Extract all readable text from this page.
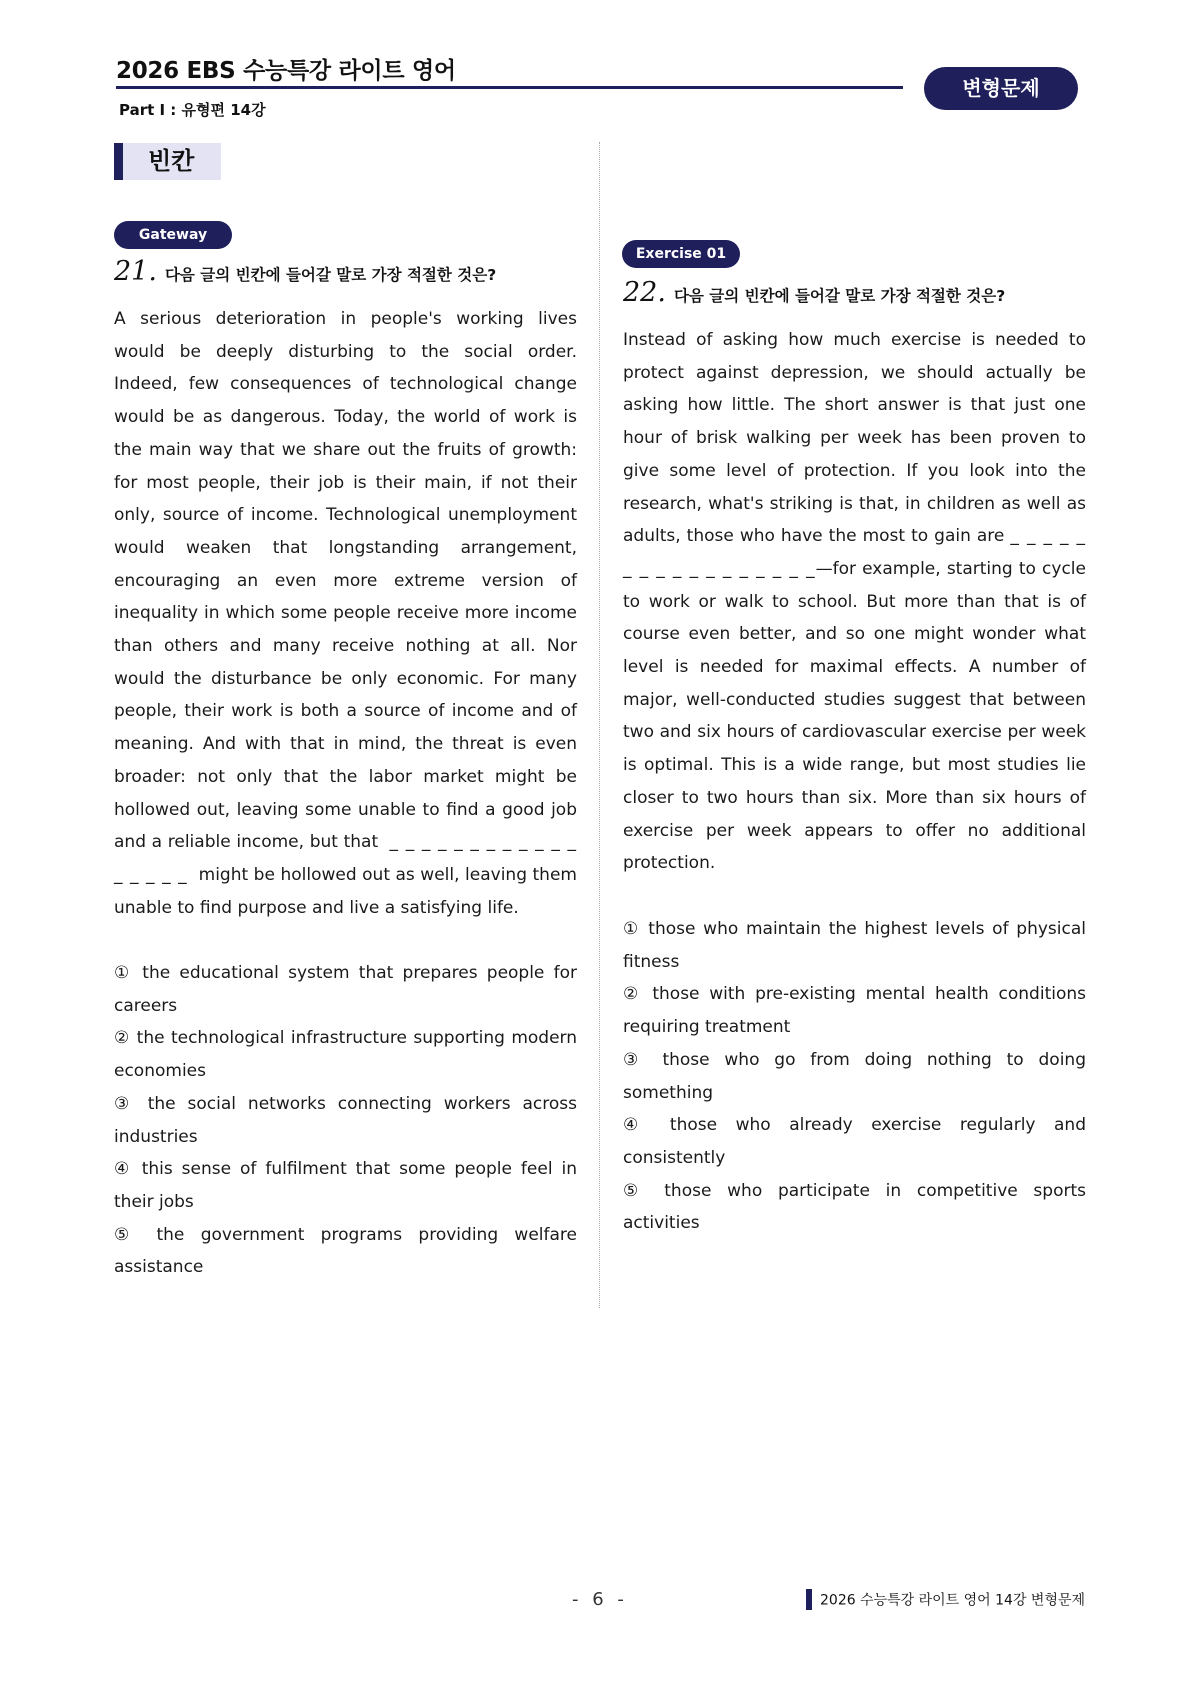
2026 EBS 수능특강 라이트 영어
Part Ⅰ : 유형편 14강
변형문제
빈칸
Gateway
21. 다음 글의 빈칸에 들어갈 말로 가장 적절한 것은?

A serious deterioration in people's working lives would be deeply disturbing to the social order. Indeed, few consequences of technological change would be as dangerous. Today, the world of work is the main way that we share out the fruits of growth: for most people, their job is their main, if not their only, source of income. Technological unemployment would weaken that longstanding arrangement, encouraging an even more extreme version of inequality in which some people receive more income than others and many receive nothing at all. Nor would the disturbance be only economic. For many people, their work is both a source of income and of meaning. And with that in mind, the threat is even broader: not only that the labor market might be hollowed out, leaving some unable to find a good job and a reliable income, but that _ _ _ _ _ _ _ _ _ _ _ _ _ _ _ _ _ might be hollowed out as well, leaving them unable to find purpose and live a satisfying life.

① the educational system that prepares people for careers

② the technological infrastructure supporting modern economies

③ the social networks connecting workers across industries

④ this sense of fulfilment that some people feel in their jobs

⑤ the government programs providing welfare assistance

Exercise 01
22. 다음 글의 빈칸에 들어갈 말로 가장 적절한 것은?

Instead of asking how much exercise is needed to protect against depression, we should actually be asking how little. The short answer is that just one hour of brisk walking per week has been proven to give some level of protection. If you look into the research, what's striking is that, in children as well as adults, those who have the most to gain are _ _ _ _ _ _ _ _ _ _ _ _ _ _ _ _ _—for example, starting to cycle to work or walk to school. But more than that is of course even better, and so one might wonder what level is needed for maximal effects. A number of major, well-conducted studies suggest that between two and six hours of cardiovascular exercise per week is optimal. This is a wide range, but most studies lie closer to two hours than six. More than six hours of exercise per week appears to offer no additional protection.

① those who maintain the highest levels of physical fitness

② those with pre-existing mental health conditions requiring treatment

③ those who go from doing nothing to doing something

④ those who already exercise regularly and consistently

⑤ those who participate in competitive sports activities

- 6 -	2026 수능특강 라이트 영어 14강 변형문제
